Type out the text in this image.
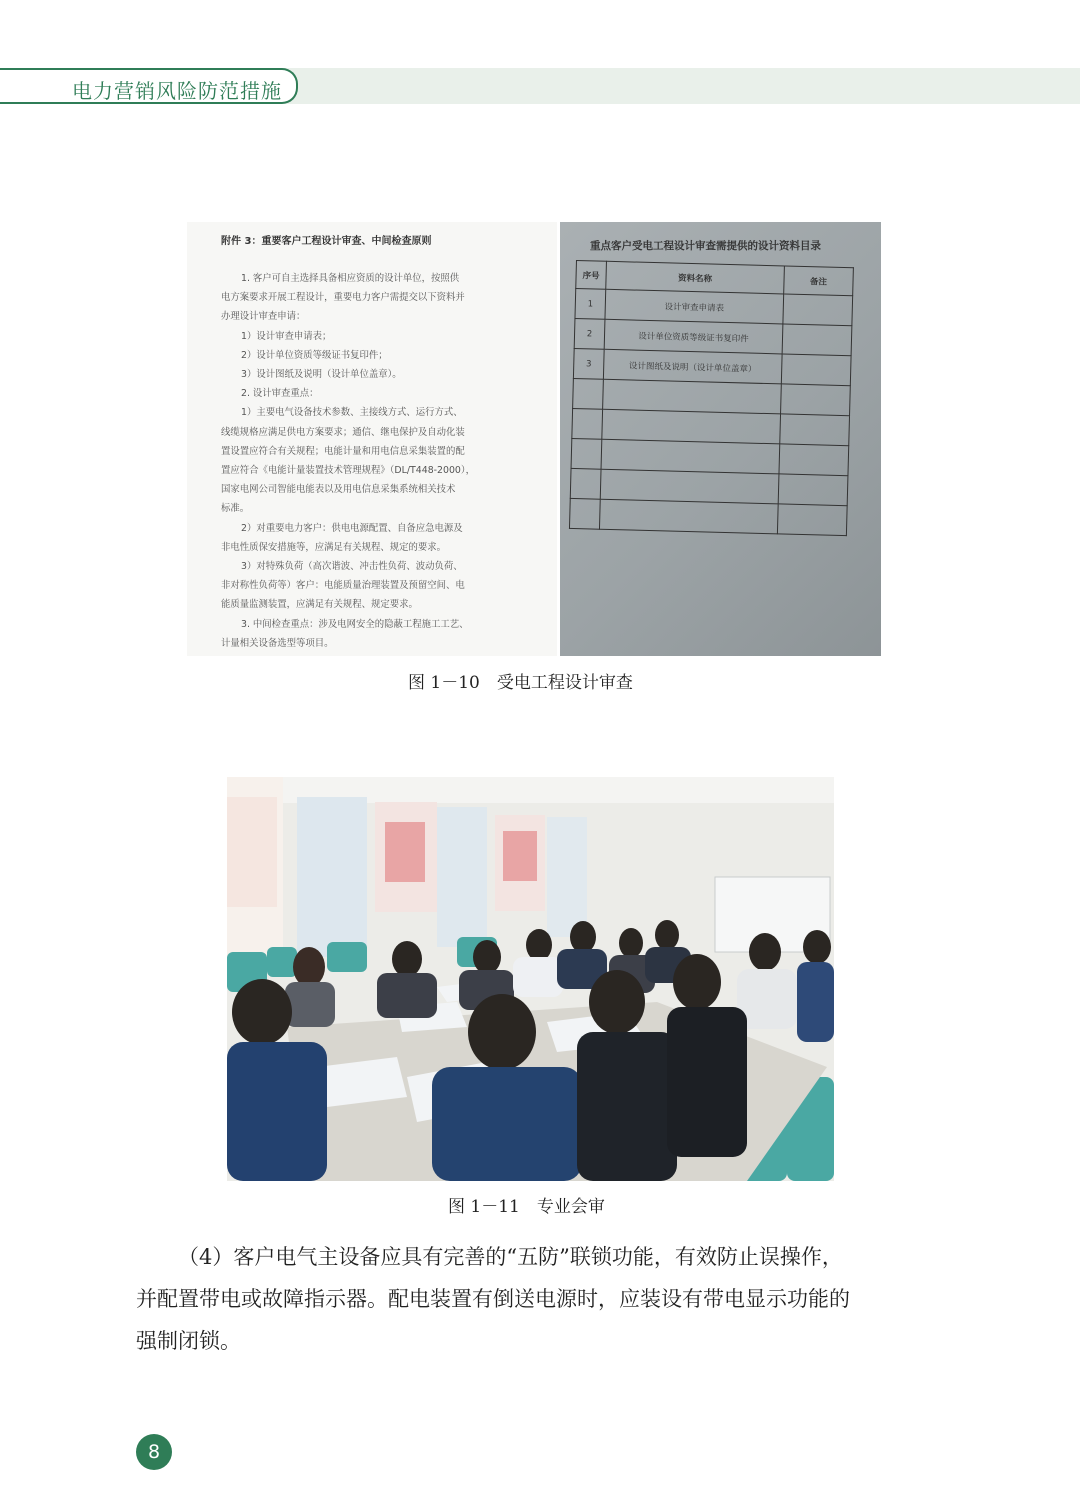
电力营销风险防范措施
附件 3：重要客户工程设计审查、中间检查原则
1. 客户可自主选择具备相应资质的设计单位，按照供
电方案要求开展工程设计，重要电力客户需提交以下资料并
办理设计审查申请：
1）设计审查申请表；
2）设计单位资质等级证书复印件；
3）设计图纸及说明（设计单位盖章）。
2. 设计审查重点：
1）主要电气设备技术参数、主接线方式、运行方式、
线缆规格应满足供电方案要求；通信、继电保护及自动化装
置设置应符合有关规程；电能计量和用电信息采集装置的配
置应符合《电能计量装置技术管理规程》（DL/T448-2000），
国家电网公司智能电能表以及用电信息采集系统相关技术
标准。
2）对重要电力客户：供电电源配置、自备应急电源及
非电性质保安措施等，应满足有关规程、规定的要求。
3）对特殊负荷（高次谐波、冲击性负荷、波动负荷、
非对称性负荷等）客户：电能质量治理装置及预留空间、电
能质量监测装置，应满足有关规程、规定要求。
3. 中间检查重点：涉及电网安全的隐蔽工程施工工艺、
计量相关设备选型等项目。
重点客户受电工程设计审查需提供的设计资料目录
序号	资料名称	备注
1	设计审查申请表	
2	设计单位资质等级证书复印件	
3	设计图纸及说明（设计单位盖章）	

图 1－10　受电工程设计审查
图 1－11　专业会审
（4）客户电气主设备应具有完善的“五防”联锁功能，有效防止误操作，
并配置带电或故障指示器。配电装置有倒送电源时，应装设有带电显示功能的
强制闭锁。
8
